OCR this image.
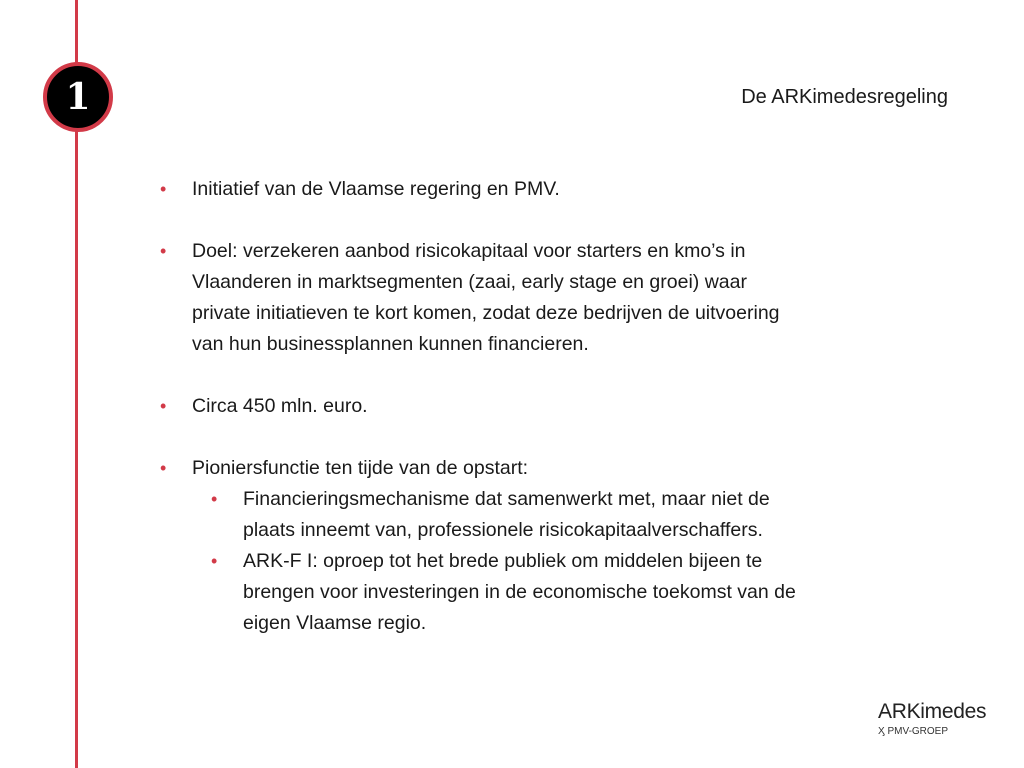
1	De ARKimedesregeling
• Initiatief van de Vlaamse regering en PMV.
• Doel: verzekeren aanbod risicokapitaal voor starters en kmo’s in
Vlaanderen in marktsegmenten (zaai, early stage en groei) waar
private initiatieven te kort komen, zodat deze bedrijven de uitvoering
van hun businessplannen kunnen financieren.
• Circa 450 mln. euro.
• Pioniersfunctie ten tijde van de opstart:
• Financieringsmechanisme dat samenwerkt met, maar niet de
plaats inneemt van, professionele risicokapitaalverschaffers.
• ARK-F I: oproep tot het brede publiek om middelen bijeen te
brengen voor investeringen in de economische toekomst van de
eigen Vlaamse regio.
ARKimedes
Ӽ PMV-GROEP
